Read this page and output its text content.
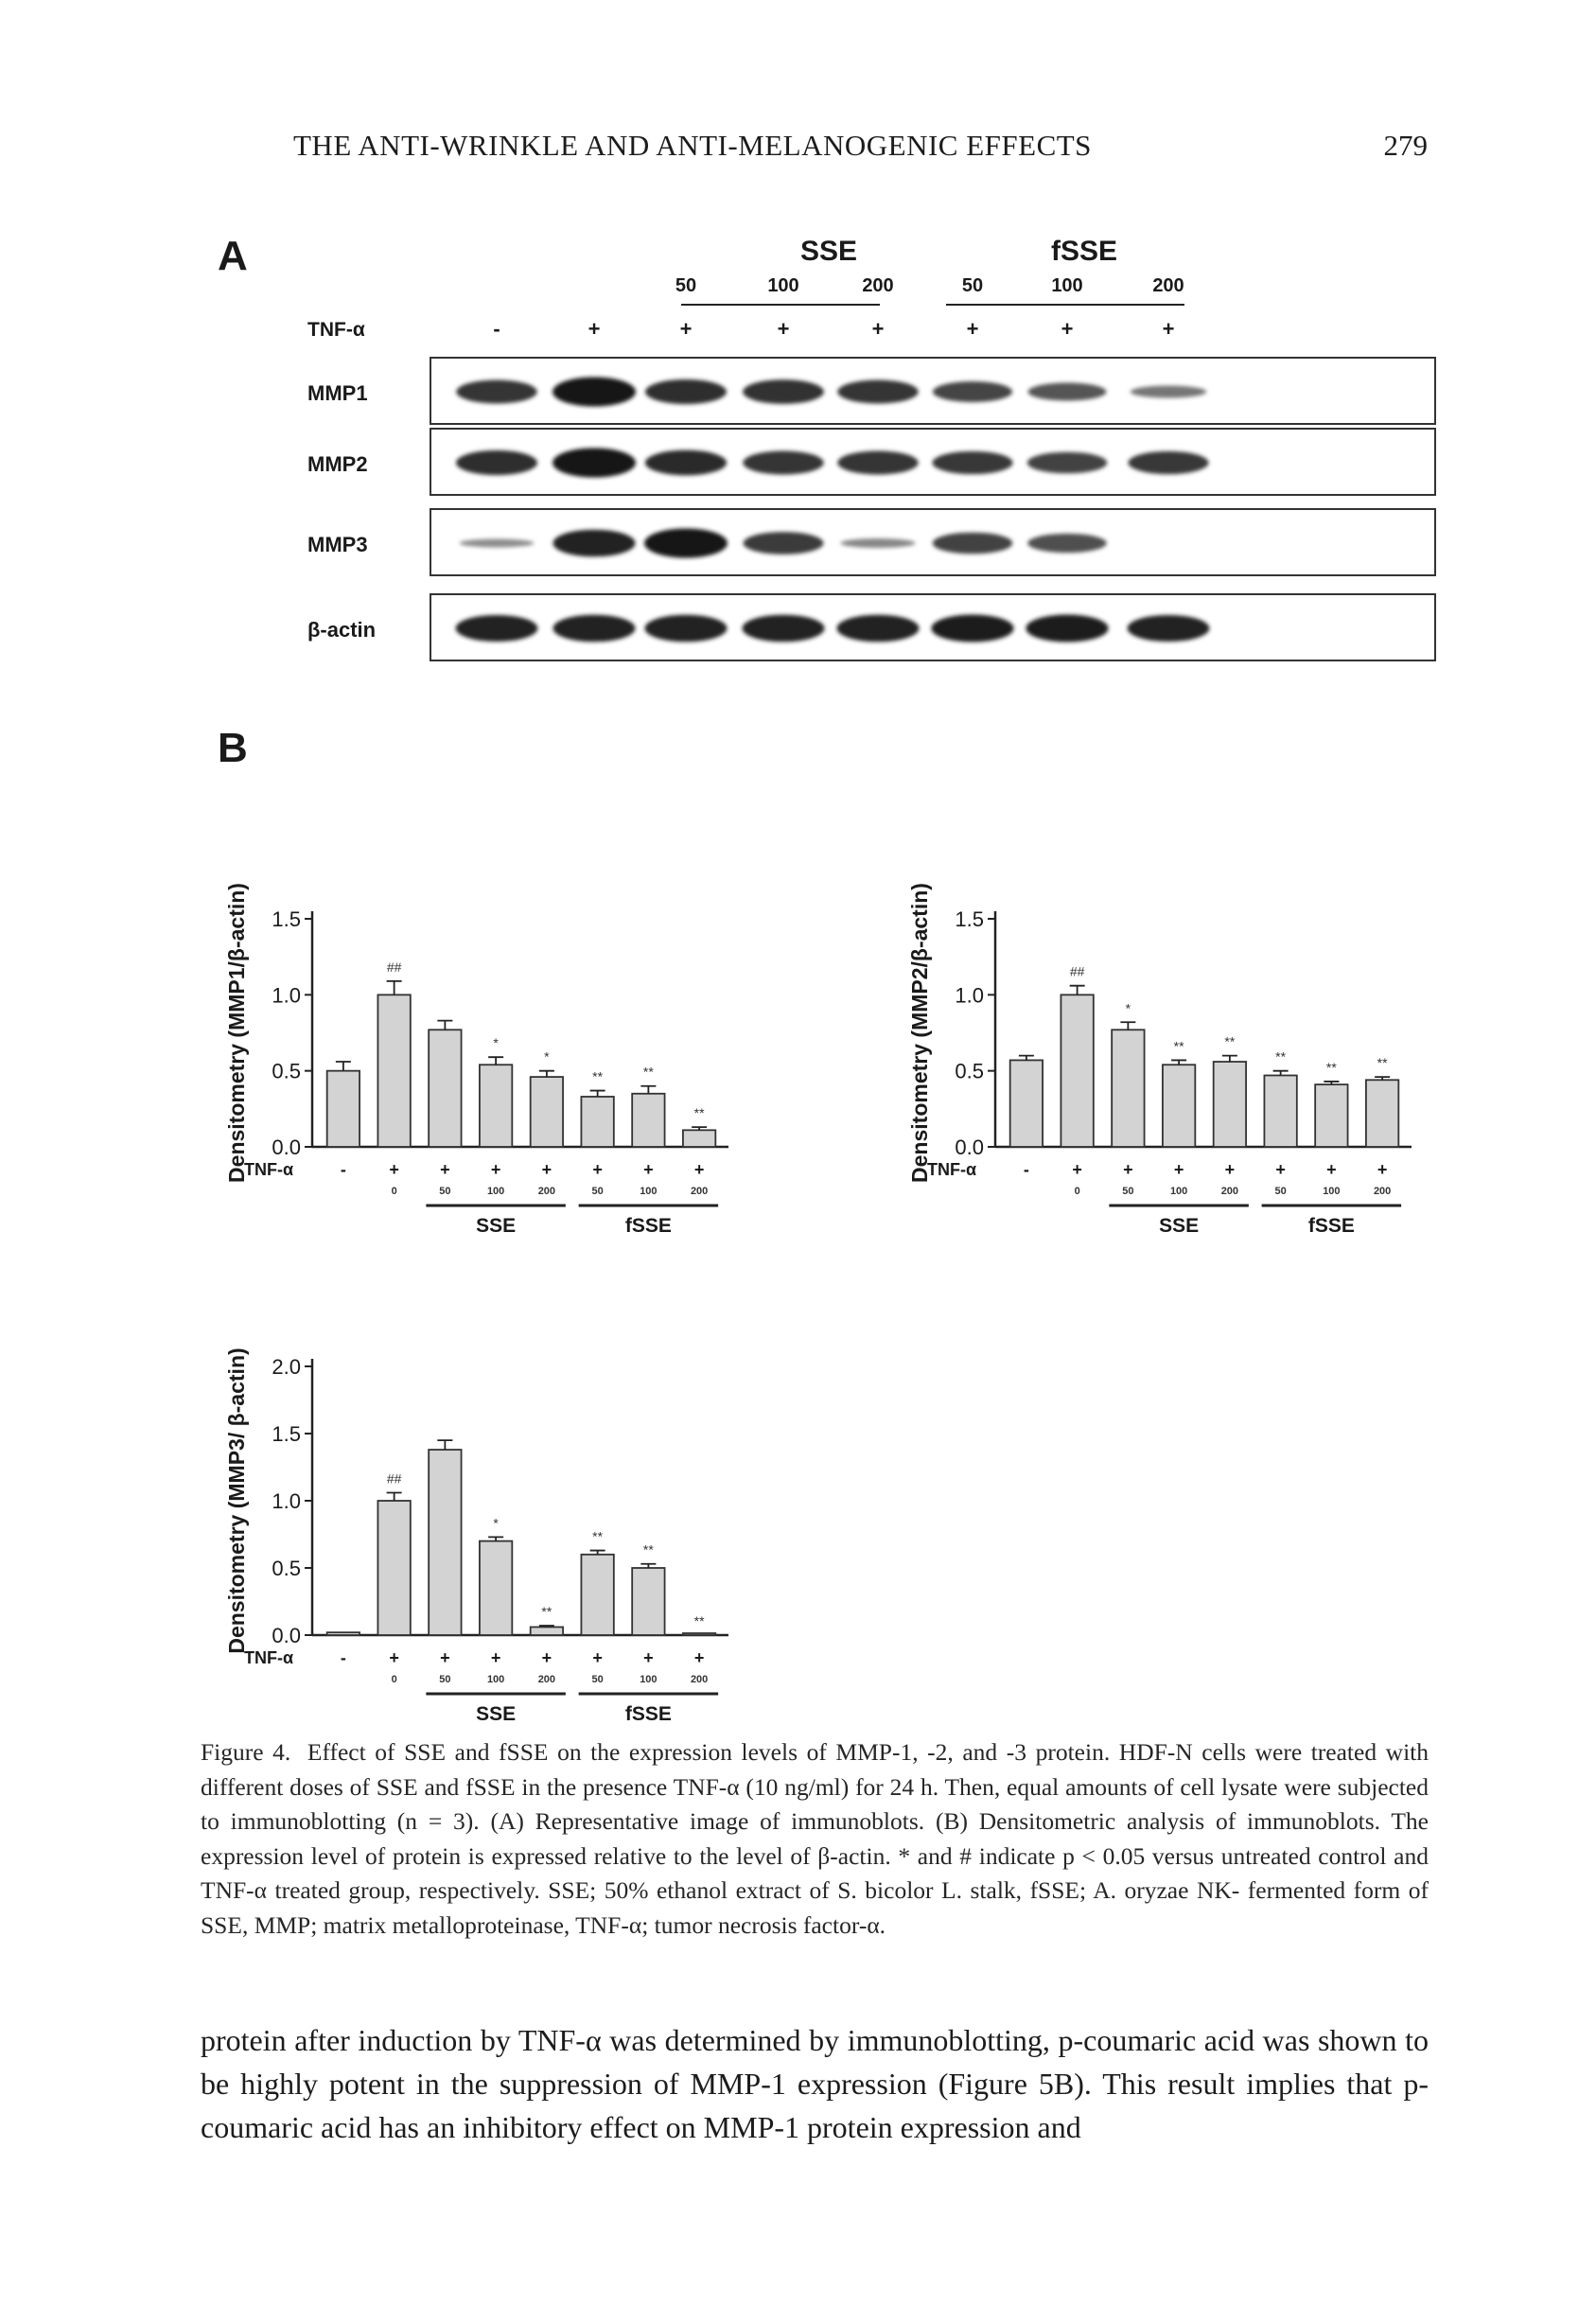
THE ANTI-WRINKLE AND ANTI-MELANOGENIC EFFECTS	279
A	SSE	fSSE
50	100	200	50	100	200
TNF-α	-	+	+	+	+	+	+	+
MMP1
MMP2
MMP3
β-actin
B
Densitometry (MMP1/β-actin) 0.0
0.5
1.0
1.5
-
##
+
0
+
50
*
+
100
*
+
200
**
+
50
**
+
100
**
+
200
TNF-α
SSE	fSSE
Densitometry (MMP2/β-actin) 0.0
0.5
1.0
1.5
-
##
+
0
*
+
50
**
+
100
**
+
200
**
+
50
**
+
100
**
+
200
TNF-α
SSE	fSSE
Densitometry (MMP3/ β-actin) 0.0
0.5
1.0
1.5
2.0
-
##
+
0
+
50
*
+
100
**
+
200
**
+
50
**
+
100
**
+
200
TNF-α
SSE	fSSE
Figure 4. Effect of SSE and fSSE on the expression levels of MMP-1, -2, and -3 protein. HDF-N cells were treated with different doses of SSE and fSSE in the presence TNF-α (10 ng/ml) for 24 h. Then, equal amounts of cell lysate were subjected to immunoblotting (n = 3). (A) Representative image of immunoblots. (B) Densitometric analysis of immunoblots. The expression level of protein is expressed relative to the level of β-actin. * and # indicate p < 0.05 versus untreated control and TNF-α treated group, respectively. SSE; 50% ethanol extract of S. bicolor L. stalk, fSSE; A. oryzae NK- fermented form of SSE, MMP; matrix metalloproteinase, TNF-α; tumor necrosis factor-α.
protein after induction by TNF-α was determined by immunoblotting, p-coumaric acid was shown to be highly potent in the suppression of MMP-1 expression (Figure 5B). This result implies that p-coumaric acid has an inhibitory effect on MMP-1 protein expression and
